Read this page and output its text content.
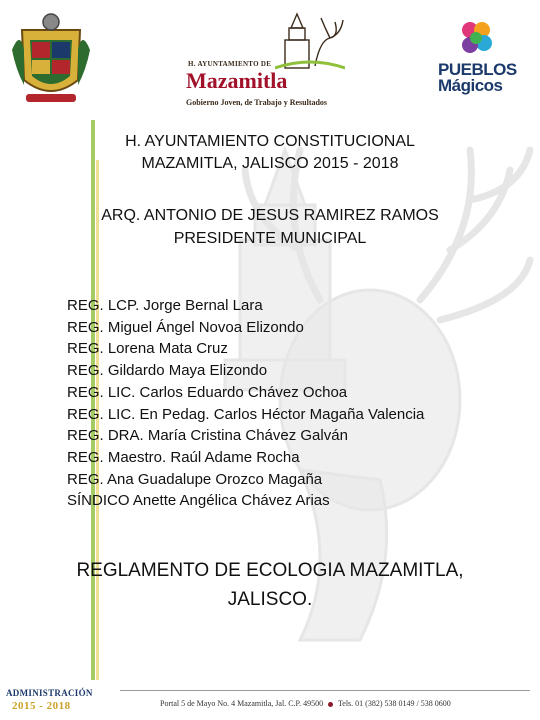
H. AYUNTAMIENTO DE
Mazamitla
Gobierno Joven, de Trabajo y Resultados
PUEBLOS
Mágicos
H. AYUNTAMIENTO CONSTITUCIONAL
MAZAMITLA, JALISCO 2015 - 2018
ARQ. ANTONIO DE JESUS RAMIREZ RAMOS
PRESIDENTE MUNICIPAL
REG. LCP. Jorge Bernal Lara
REG. Miguel Ángel Novoa Elizondo
REG. Lorena Mata Cruz
REG. Gildardo Maya Elizondo
REG. LIC. Carlos Eduardo Chávez Ochoa
REG. LIC. En Pedag. Carlos Héctor Magaña Valencia
REG. DRA. María Cristina Chávez Galván
REG. Maestro. Raúl Adame Rocha
REG. Ana Guadalupe Orozco Magaña
SÍNDICO Anette Angélica Chávez Arias
REGLAMENTO DE ECOLOGIA MAZAMITLA,
JALISCO.
ADMINISTRACIÓN
2015 - 2018	Portal 5 de Mayo No. 4 Mazamitla, Jal. C.P. 49500 Tels. 01 (382) 538 0149 / 538 0600
